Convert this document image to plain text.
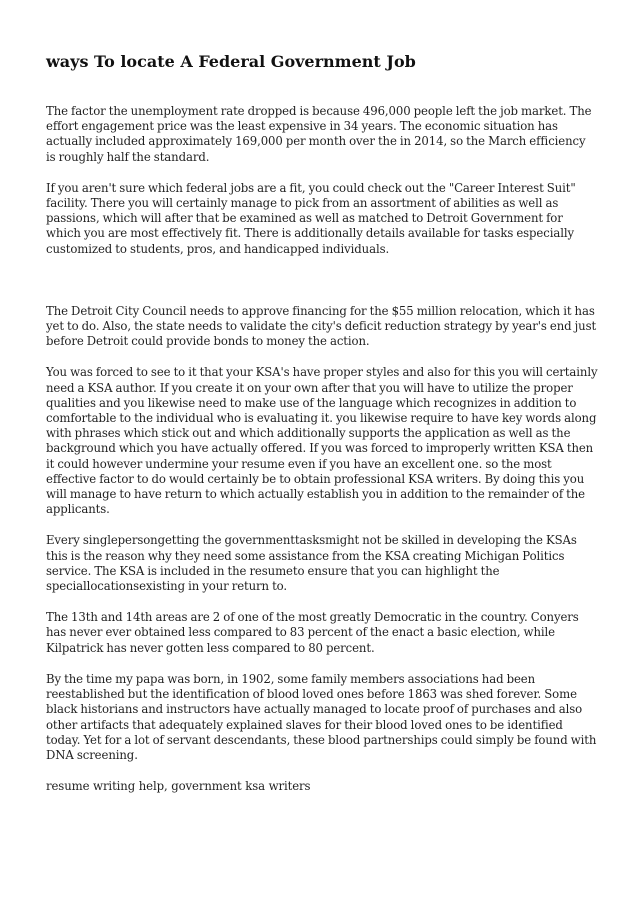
ways To locate A Federal Government Job

The factor the unemployment rate dropped is because 496,000 people left the job market. The effort engagement price was the least expensive in 34 years. The economic situation has actually included approximately 169,000 per month over the in 2014, so the March efficiency is roughly half the standard.

If you aren't sure which federal jobs are a fit, you could check out the "Career Interest Suit" facility. There you will certainly manage to pick from an assortment of abilities as well as passions, which will after that be examined as well as matched to Detroit Government for which you are most effectively fit. There is additionally details available for tasks especially customized to students, pros, and handicapped individuals.

The Detroit City Council needs to approve financing for the $55 million relocation, which it has yet to do. Also, the state needs to validate the city's deficit reduction strategy by year's end just before Detroit could provide bonds to money the action.

You was forced to see to it that your KSA's have proper styles and also for this you will certainly need a KSA author. If you create it on your own after that you will have to utilize the proper qualities and you likewise need to make use of the language which recognizes in addition to comfortable to the individual who is evaluating it. you likewise require to have key words along with phrases which stick out and which additionally supports the application as well as the background which you have actually offered. If you was forced to improperly written KSA then it could however undermine your resume even if you have an excellent one. so the most effective factor to do would certainly be to obtain professional KSA writers. By doing this you will manage to have return to which actually establish you in addition to the remainder of the applicants.

Every singlepersongetting the governmenttasksmight not be skilled in developing the KSAs this is the reason why they need some assistance from the KSA creating Michigan Politics service. The KSA is included in the resumeto ensure that you can highlight the speciallocationsexisting in your return to.

The 13th and 14th areas are 2 of one of the most greatly Democratic in the country. Conyers has never ever obtained less compared to 83 percent of the enact a basic election, while Kilpatrick has never gotten less compared to 80 percent.

By the time my papa was born, in 1902, some family members associations had been reestablished but the identification of blood loved ones before 1863 was shed forever. Some black historians and instructors have actually managed to locate proof of purchases and also other artifacts that adequately explained slaves for their blood loved ones to be identified today. Yet for a lot of servant descendants, these blood partnerships could simply be found with DNA screening.

resume writing help, government ksa writers
